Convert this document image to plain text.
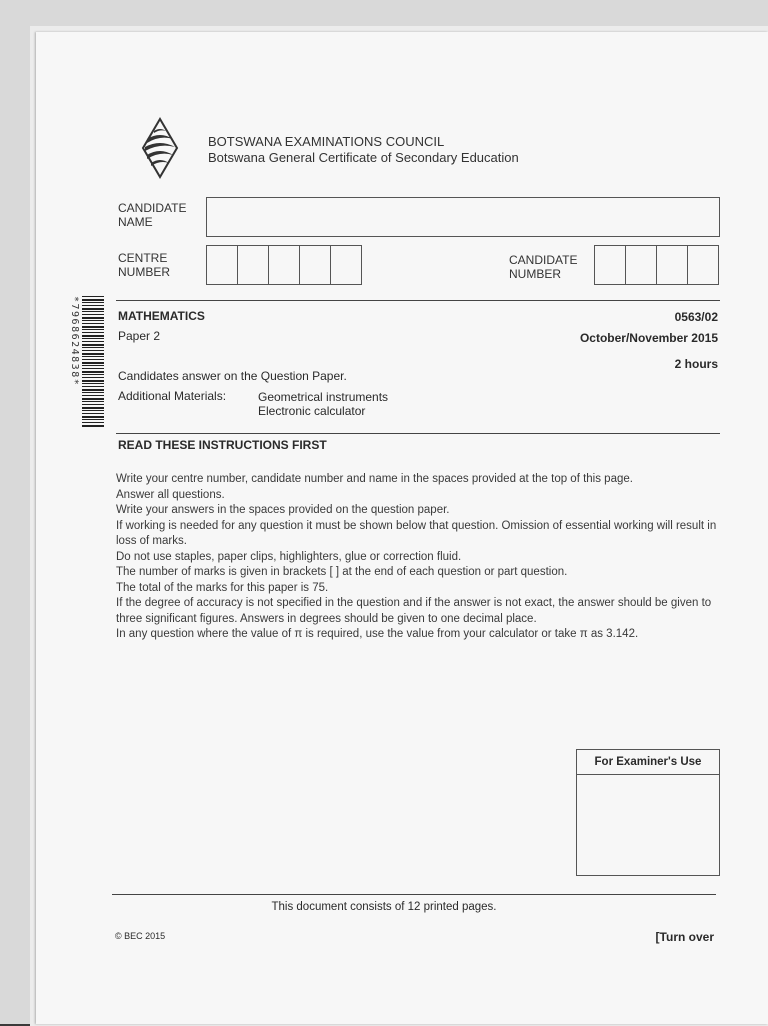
BOTSWANA EXAMINATIONS COUNCIL
Botswana General Certificate of Secondary Education
CANDIDATE
NAME
CENTRE
NUMBER
CANDIDATE
NUMBER
*7968624838*	MATHEMATICS	0563/02
Paper 2	October/November 2015
2 hours
Candidates answer on the Question Paper.
Additional Materials:	Geometrical instruments
Electronic calculator
READ THESE INSTRUCTIONS FIRST

Write your centre number, candidate number and name in the spaces provided at the top of this page.

Answer all questions.

Write your answers in the spaces provided on the question paper.

If working is needed for any question it must be shown below that question. Omission of essential working will result in loss of marks.

Do not use staples, paper clips, highlighters, glue or correction fluid.

The number of marks is given in brackets [ ] at the end of each question or part question.

The total of the marks for this paper is 75.

If the degree of accuracy is not specified in the question and if the answer is not exact, the answer should be given to three significant figures. Answers in degrees should be given to one decimal place.

In any question where the value of π is required, use the value from your calculator or take π as 3.142.

For Examiner's Use
This document consists of 12 printed pages.
© BEC 2015	[Turn over
